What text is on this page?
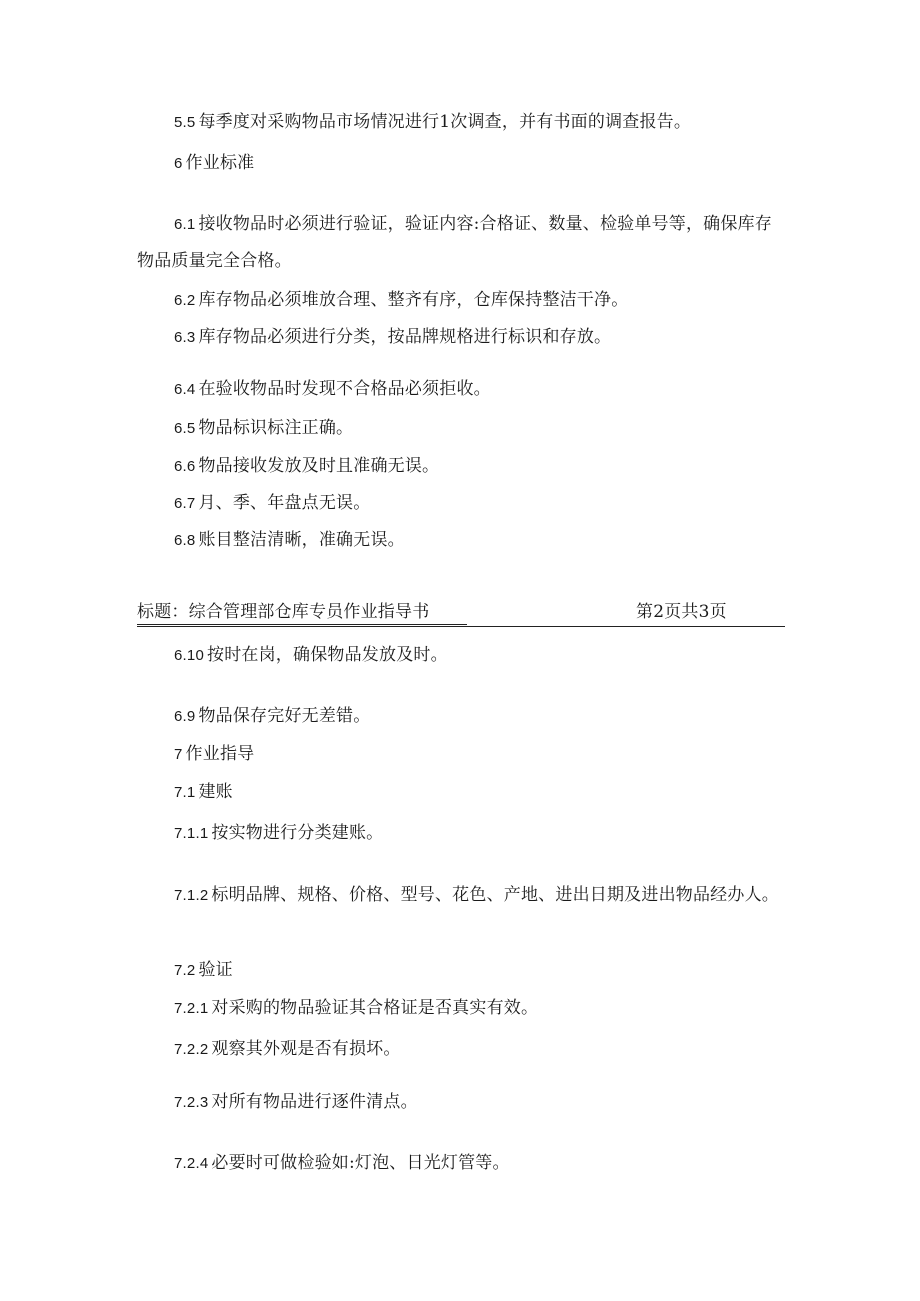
5.5 每季度对采购物品市场情况进行1次调查，并有书面的调查报告。
6 作业标准
6.1 接收物品时必须进行验证，验证内容:合格证、数量、检验单号等，确保库存物品质量完全合格。
6.2 库存物品必须堆放合理、整齐有序，仓库保持整洁干净。
6.3 库存物品必须进行分类，按品牌规格进行标识和存放。
6.4 在验收物品时发现不合格品必须拒收。
6.5 物品标识标注正确。
6.6 物品接收发放及时且准确无误。
6.7 月、季、年盘点无误。
6.8 账目整洁清晰，准确无误。
标题：综合管理部仓库专员作业指导书	第2页共3页
6.10 按时在岗，确保物品发放及时。
6.9 物品保存完好无差错。
7 作业指导
7.1 建账
7.1.1 按实物进行分类建账。
7.1.2 标明品牌、规格、价格、型号、花色、产地、进出日期及进出物品经办人。
7.2 验证
7.2.1 对采购的物品验证其合格证是否真实有效。
7.2.2 观察其外观是否有损坏。
7.2.3 对所有物品进行逐件清点。
7.2.4 必要时可做检验如:灯泡、日光灯管等。
